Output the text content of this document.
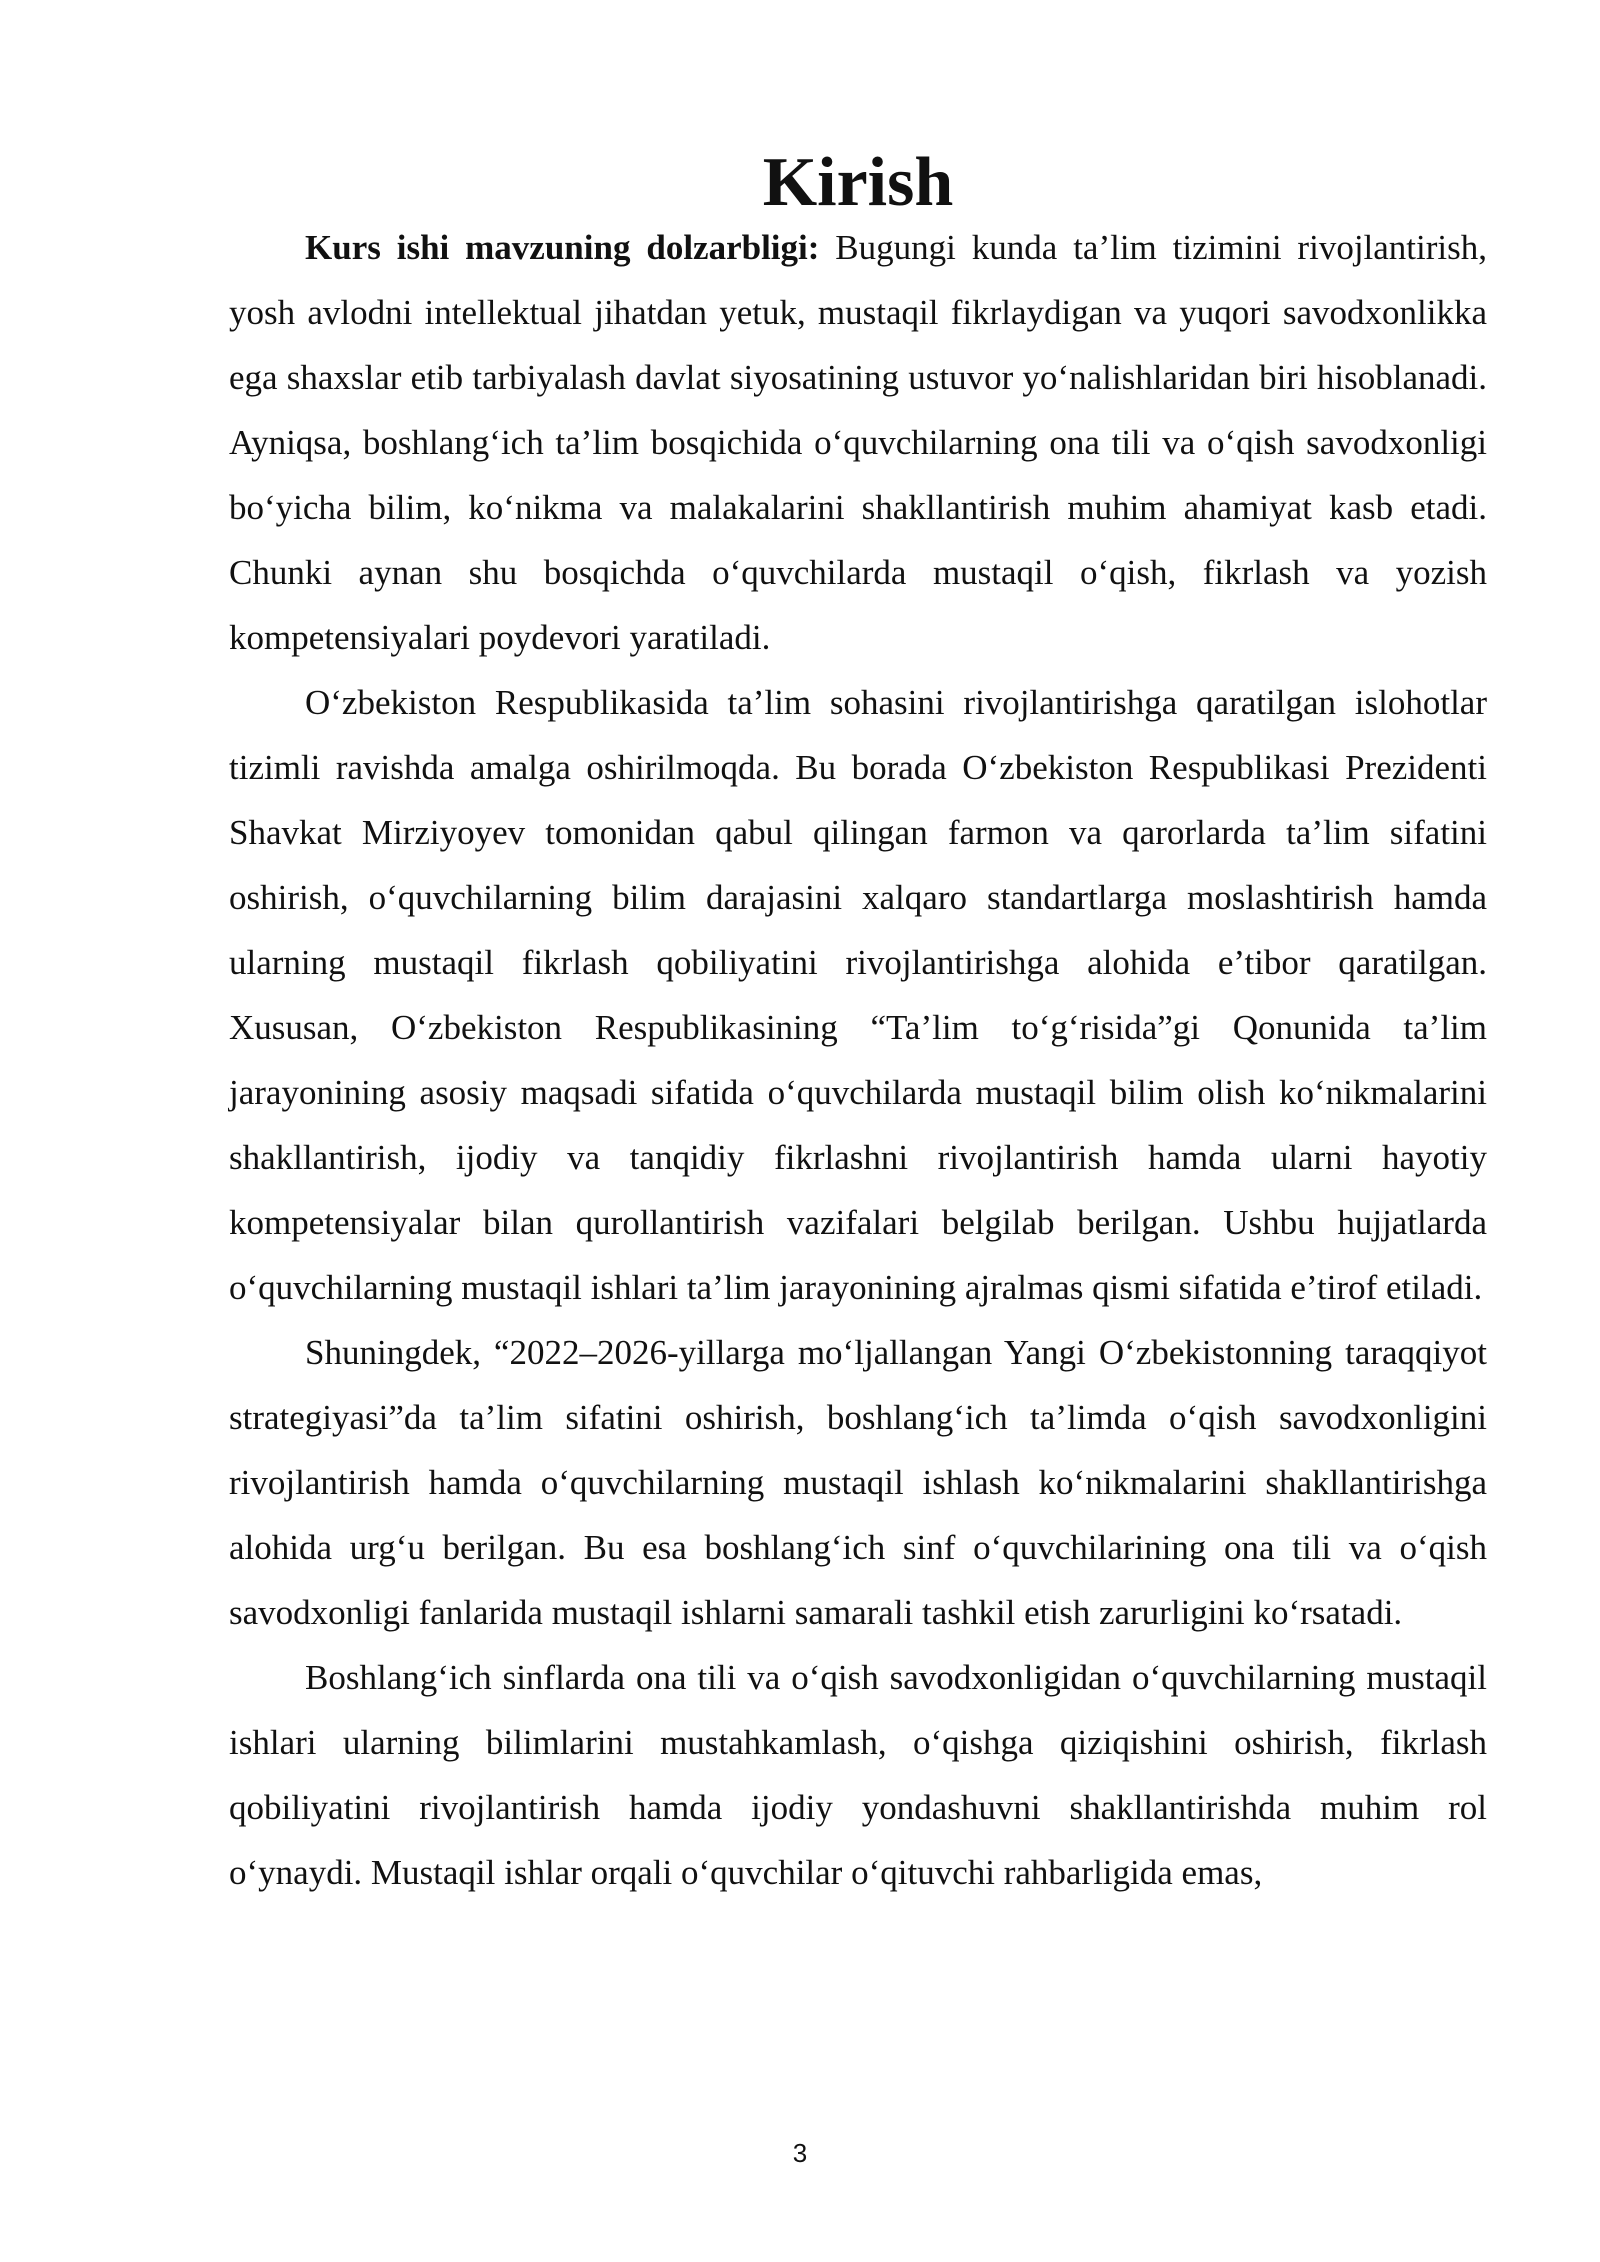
Kirish

Kurs ishi mavzuning dolzarbligi: Bugungi kunda ta’lim tizimini rivojlantirish, yosh avlodni intellektual jihatdan yetuk, mustaqil fikrlaydigan va yuqori savodxonlikka ega shaxslar etib tarbiyalash davlat siyosatining ustuvor yo‘nalishlaridan biri hisoblanadi. Ayniqsa, boshlang‘ich ta’lim bosqichida o‘quvchilarning ona tili va o‘qish savodxonligi bo‘yicha bilim, ko‘nikma va malakalarini shakllantirish muhim ahamiyat kasb etadi. Chunki aynan shu bosqichda o‘quvchilarda mustaqil o‘qish, fikrlash va yozish kompetensiyalari poydevori yaratiladi.

O‘zbekiston Respublikasida ta’lim sohasini rivojlantirishga qaratilgan islohotlar tizimli ravishda amalga oshirilmoqda. Bu borada O‘zbekiston Respublikasi Prezidenti Shavkat Mirziyoyev tomonidan qabul qilingan farmon va qarorlarda ta’lim sifatini oshirish, o‘quvchilarning bilim darajasini xalqaro standartlarga moslashtirish hamda ularning mustaqil fikrlash qobiliyatini rivojlantirishga alohida e’tibor qaratilgan. Xususan, O‘zbekiston Respublikasining “Ta’lim to‘g‘risida”gi Qonunida ta’lim jarayonining asosiy maqsadi sifatida o‘quvchilarda mustaqil bilim olish ko‘nikmalarini shakllantirish, ijodiy va tanqidiy fikrlashni rivojlantirish hamda ularni hayotiy kompetensiyalar bilan qurollantirish vazifalari belgilab berilgan. Ushbu hujjatlarda o‘quvchilarning mustaqil ishlari ta’lim jarayonining ajralmas qismi sifatida e’tirof etiladi.

Shuningdek, “2022–2026-yillarga mo‘ljallangan Yangi O‘zbekistonning taraqqiyot strategiyasi”da ta’lim sifatini oshirish, boshlang‘ich ta’limda o‘qish savodxonligini rivojlantirish hamda o‘quvchilarning mustaqil ishlash ko‘nikmalarini shakllantirishga alohida urg‘u berilgan. Bu esa boshlang‘ich sinf o‘quvchilarining ona tili va o‘qish savodxonligi fanlarida mustaqil ishlarni samarali tashkil etish zarurligini ko‘rsatadi.

Boshlang‘ich sinflarda ona tili va o‘qish savodxonligidan o‘quvchilarning mustaqil ishlari ularning bilimlarini mustahkamlash, o‘qishga qiziqishini oshirish, fikrlash qobiliyatini rivojlantirish hamda ijodiy yondashuvni shakllantirishda muhim rol o‘ynaydi. Mustaqil ishlar orqali o‘quvchilar o‘qituvchi rahbarligida emas,

3
